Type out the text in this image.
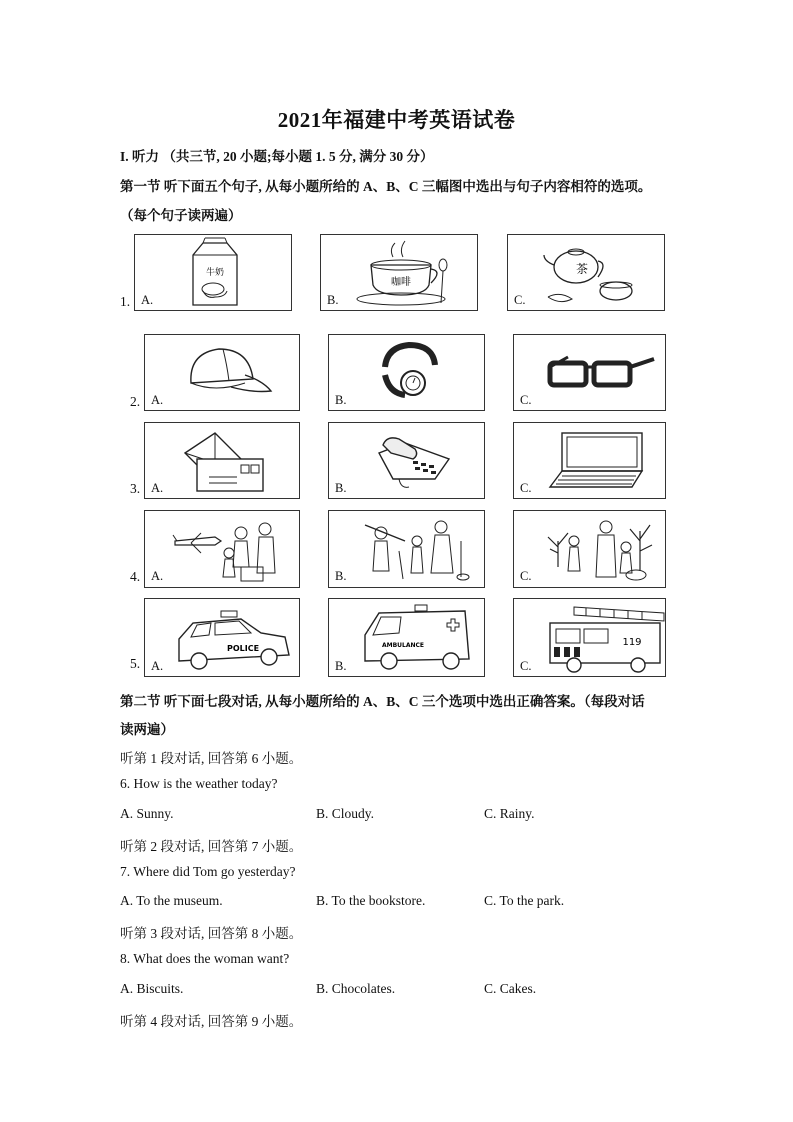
2021年福建中考英语试卷
I. 听力 （共三节, 20 小题;每小题 1. 5 分, 满分 30 分）
第一节 听下面五个句子, 从每小题所给的 A、B、C 三幅图中选出与句子内容相符的选项。
（每个句子读两遍）
1. A.
牛奶
B.
咖啡
C.
茶
2. A.	B.	C.
3. A.	B.	C.
4. A.	B.	C.
5. A.
POLICE
B.
AMBULANCE
C.
119
第二节 听下面七段对话, 从每小题所给的 A、B、C 三个选项中选出正确答案。（每段对话
读两遍）
听第 1 段对话, 回答第 6 小题。
6. How is the weather today?
A. Sunny.	B. Cloudy.	C. Rainy.
听第 2 段对话, 回答第 7 小题。
7. Where did Tom go yesterday?
A. To the museum.	B. To the bookstore.	C. To the park.
听第 3 段对话, 回答第 8 小题。
8. What does the woman want?
A. Biscuits.	B. Chocolates.	C. Cakes.
听第 4 段对话, 回答第 9 小题。
